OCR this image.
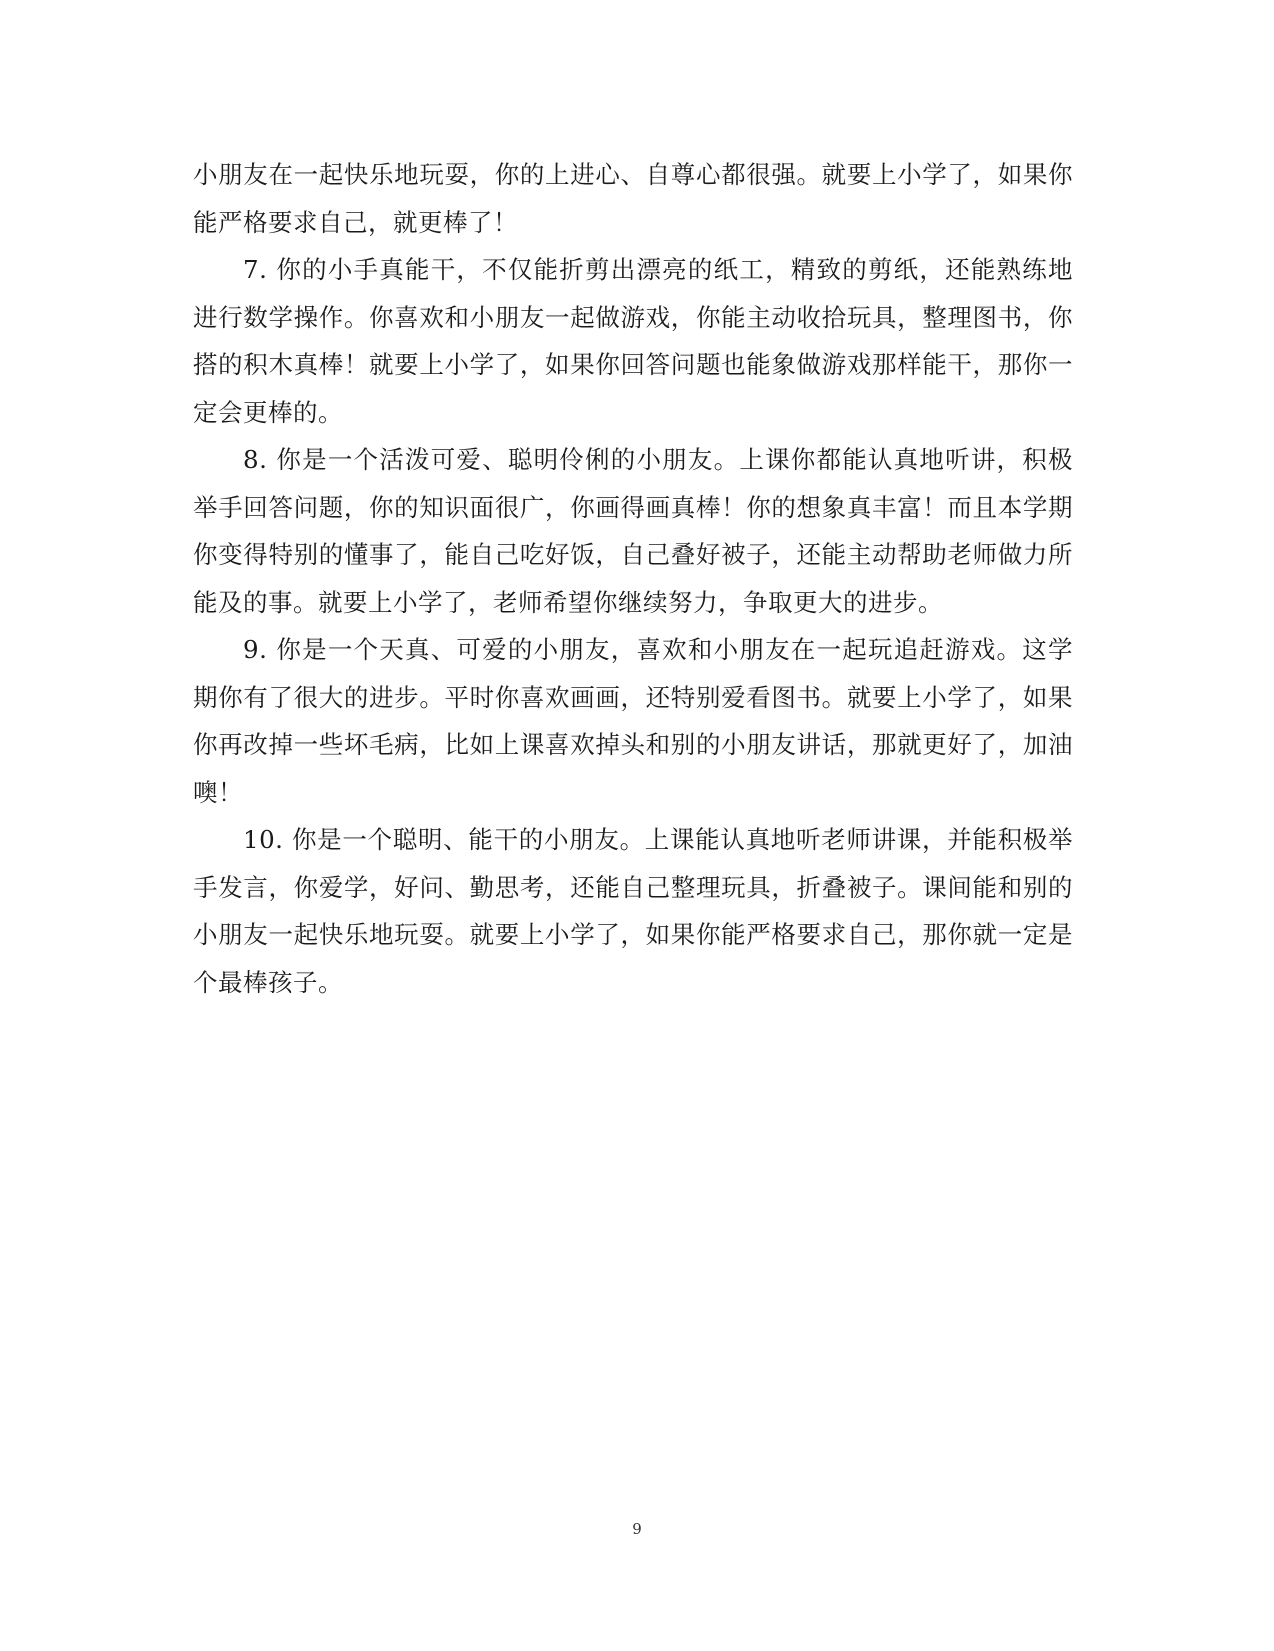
小朋友在一起快乐地玩耍，你的上进心、自尊心都很强。就要上小学了，如果你能严格要求自己，就更棒了！

7. 你的小手真能干，不仅能折剪出漂亮的纸工，精致的剪纸，还能熟练地进行数学操作。你喜欢和小朋友一起做游戏，你能主动收拾玩具，整理图书，你搭的积木真棒！就要上小学了，如果你回答问题也能象做游戏那样能干，那你一定会更棒的。

8. 你是一个活泼可爱、聪明伶俐的小朋友。上课你都能认真地听讲，积极举手回答问题，你的知识面很广，你画得画真棒！你的想象真丰富！而且本学期你变得特别的懂事了，能自己吃好饭，自己叠好被子，还能主动帮助老师做力所能及的事。就要上小学了，老师希望你继续努力，争取更大的进步。

9. 你是一个天真、可爱的小朋友，喜欢和小朋友在一起玩追赶游戏。这学期你有了很大的进步。平时你喜欢画画，还特别爱看图书。就要上小学了，如果你再改掉一些坏毛病，比如上课喜欢掉头和别的小朋友讲话，那就更好了，加油噢！

10. 你是一个聪明、能干的小朋友。上课能认真地听老师讲课，并能积极举手发言，你爱学，好问、勤思考，还能自己整理玩具，折叠被子。课间能和别的小朋友一起快乐地玩耍。就要上小学了，如果你能严格要求自己，那你就一定是个最棒孩子。

9
